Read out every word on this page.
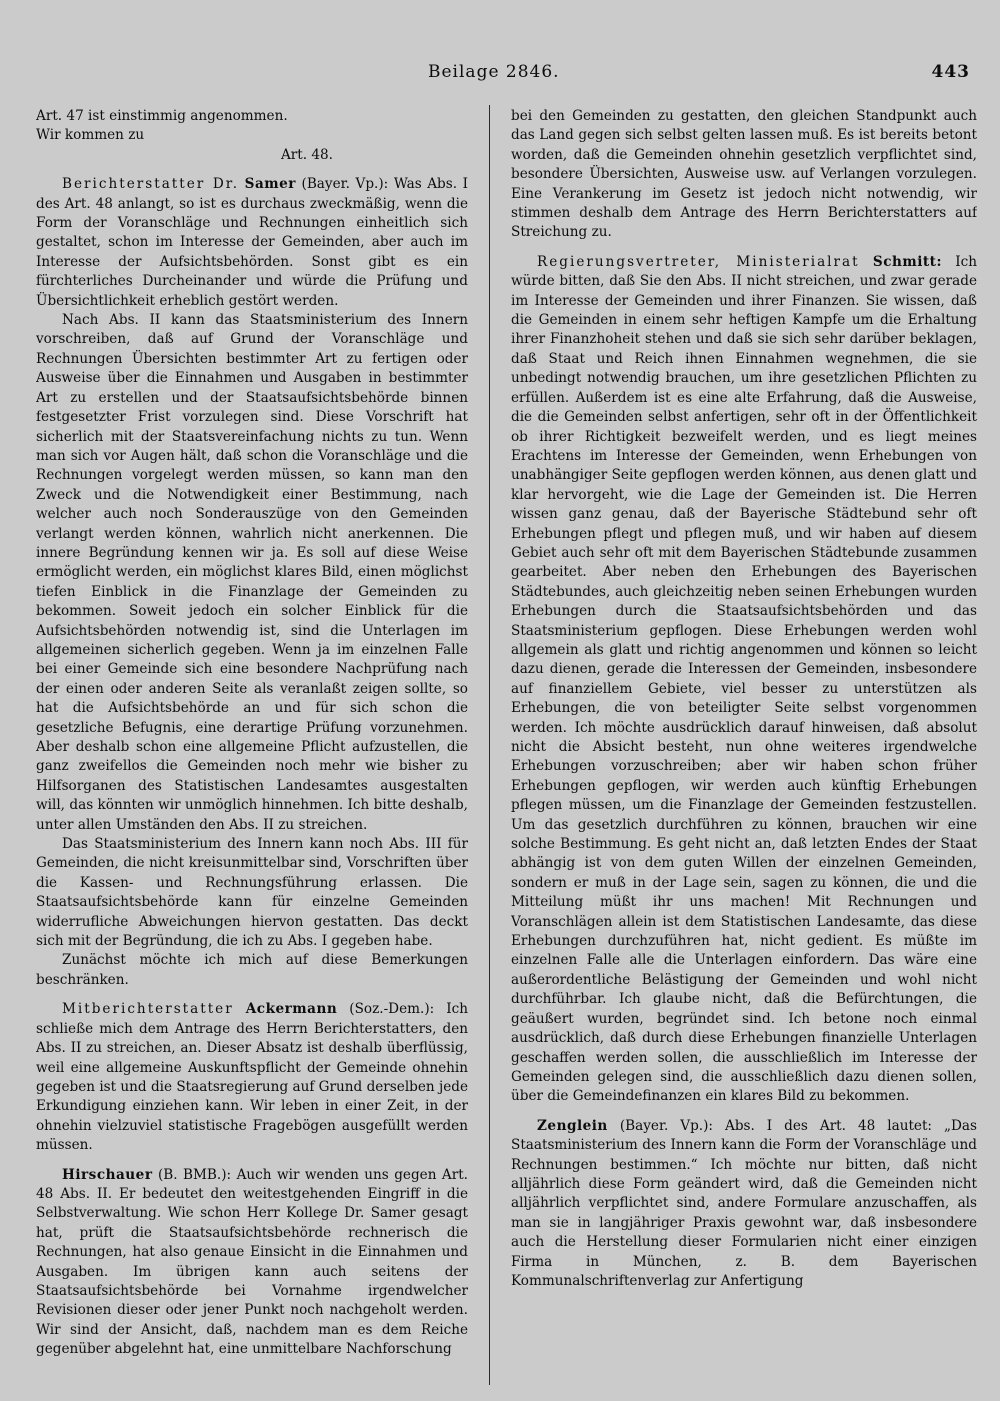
Beilage 2846.	443

Art. 47 ist einstimmig angenommen.

Wir kommen zu

Art. 48.

Berichterstatter Dr. Samer (Bayer. Vp.): Was Abs. I des Art. 48 anlangt, so ist es durchaus zweckmäßig, wenn die Form der Voranschläge und Rechnungen einheitlich sich gestaltet, schon im Interesse der Gemeinden, aber auch im Interesse der Aufsichtsbehörden. Sonst gibt es ein fürchterliches Durcheinander und würde die Prüfung und Übersichtlichkeit erheblich gestört werden.

Nach Abs. II kann das Staatsministerium des Innern vorschreiben, daß auf Grund der Voranschläge und Rechnungen Übersichten bestimmter Art zu fertigen oder Ausweise über die Einnahmen und Ausgaben in bestimmter Art zu erstellen und der Staatsaufsichtsbehörde binnen festgesetzter Frist vorzulegen sind. Diese Vorschrift hat sicherlich mit der Staatsvereinfachung nichts zu tun. Wenn man sich vor Augen hält, daß schon die Voranschläge und die Rechnungen vorgelegt werden müssen, so kann man den Zweck und die Notwendigkeit einer Bestimmung, nach welcher auch noch Sonderauszüge von den Gemeinden verlangt werden können, wahrlich nicht anerkennen. Die innere Begründung kennen wir ja. Es soll auf diese Weise ermöglicht werden, ein möglichst klares Bild, einen möglichst tiefen Einblick in die Finanzlage der Gemeinden zu bekommen. Soweit jedoch ein solcher Einblick für die Aufsichtsbehörden notwendig ist, sind die Unterlagen im allgemeinen sicherlich gegeben. Wenn ja im einzelnen Falle bei einer Gemeinde sich eine besondere Nachprüfung nach der einen oder anderen Seite als veranlaßt zeigen sollte, so hat die Aufsichtsbehörde an und für sich schon die gesetzliche Befugnis, eine derartige Prüfung vorzunehmen. Aber deshalb schon eine allgemeine Pflicht aufzustellen, die ganz zweifellos die Gemeinden noch mehr wie bisher zu Hilfsorganen des Statistischen Landesamtes ausgestalten will, das könnten wir unmöglich hinnehmen. Ich bitte deshalb, unter allen Umständen den Abs. II zu streichen.

Das Staatsministerium des Innern kann noch Abs. III für Gemeinden, die nicht kreisunmittelbar sind, Vorschriften über die Kassen- und Rechnungsführung erlassen. Die Staatsaufsichtsbehörde kann für einzelne Gemeinden widerrufliche Abweichungen hiervon gestatten. Das deckt sich mit der Begründung, die ich zu Abs. I gegeben habe.

Zunächst möchte ich mich auf diese Bemerkungen beschränken.

Mitberichterstatter Ackermann (Soz.-Dem.): Ich schließe mich dem Antrage des Herrn Berichterstatters, den Abs. II zu streichen, an. Dieser Absatz ist deshalb überflüssig, weil eine allgemeine Auskunftspflicht der Gemeinde ohnehin gegeben ist und die Staatsregierung auf Grund derselben jede Erkundigung einziehen kann. Wir leben in einer Zeit, in der ohnehin vielzuviel statistische Fragebögen ausgefüllt werden müssen.

Hirschauer (B. BMB.): Auch wir wenden uns gegen Art. 48 Abs. II. Er bedeutet den weitestgehenden Eingriff in die Selbstverwaltung. Wie schon Herr Kollege Dr. Samer gesagt hat, prüft die Staatsaufsichtsbehörde rechnerisch die Rechnungen, hat also genaue Einsicht in die Einnahmen und Ausgaben. Im übrigen kann auch seitens der Staatsaufsichtsbehörde bei Vornahme irgendwelcher Revisionen dieser oder jener Punkt noch nachgeholt werden. Wir sind der Ansicht, daß, nachdem man es dem Reiche gegenüber abgelehnt hat, eine unmittelbare Nachforschung

bei den Gemeinden zu gestatten, den gleichen Standpunkt auch das Land gegen sich selbst gelten lassen muß. Es ist bereits betont worden, daß die Gemeinden ohnehin gesetzlich verpflichtet sind, besondere Übersichten, Ausweise usw. auf Verlangen vorzulegen. Eine Verankerung im Gesetz ist jedoch nicht notwendig, wir stimmen deshalb dem Antrage des Herrn Berichterstatters auf Streichung zu.

Regierungsvertreter, Ministerialrat Schmitt: Ich würde bitten, daß Sie den Abs. II nicht streichen, und zwar gerade im Interesse der Gemeinden und ihrer Finanzen. Sie wissen, daß die Gemeinden in einem sehr heftigen Kampfe um die Erhaltung ihrer Finanzhoheit stehen und daß sie sich sehr darüber beklagen, daß Staat und Reich ihnen Einnahmen wegnehmen, die sie unbedingt notwendig brauchen, um ihre gesetzlichen Pflichten zu erfüllen. Außerdem ist es eine alte Erfahrung, daß die Ausweise, die die Gemeinden selbst anfertigen, sehr oft in der Öffentlichkeit ob ihrer Richtigkeit bezweifelt werden, und es liegt meines Erachtens im Interesse der Gemeinden, wenn Erhebungen von unabhängiger Seite gepflogen werden können, aus denen glatt und klar hervorgeht, wie die Lage der Gemeinden ist. Die Herren wissen ganz genau, daß der Bayerische Städtebund sehr oft Erhebungen pflegt und pflegen muß, und wir haben auf diesem Gebiet auch sehr oft mit dem Bayerischen Städtebunde zusammen gearbeitet. Aber neben den Erhebungen des Bayerischen Städtebundes, auch gleichzeitig neben seinen Erhebungen wurden Erhebungen durch die Staatsaufsichtsbehörden und das Staatsministerium gepflogen. Diese Erhebungen werden wohl allgemein als glatt und richtig angenommen und können so leicht dazu dienen, gerade die Interessen der Gemeinden, insbesondere auf finanziellem Gebiete, viel besser zu unterstützen als Erhebungen, die von beteiligter Seite selbst vorgenommen werden. Ich möchte ausdrücklich darauf hinweisen, daß absolut nicht die Absicht besteht, nun ohne weiteres irgendwelche Erhebungen vorzuschreiben; aber wir haben schon früher Erhebungen gepflogen, wir werden auch künftig Erhebungen pflegen müssen, um die Finanzlage der Gemeinden festzustellen. Um das gesetzlich durchführen zu können, brauchen wir eine solche Bestimmung. Es geht nicht an, daß letzten Endes der Staat abhängig ist von dem guten Willen der einzelnen Gemeinden, sondern er muß in der Lage sein, sagen zu können, die und die Mitteilung müßt ihr uns machen! Mit Rechnungen und Voranschlägen allein ist dem Statistischen Landesamte, das diese Erhebungen durchzuführen hat, nicht gedient. Es müßte im einzelnen Falle alle die Unterlagen einfordern. Das wäre eine außerordentliche Belästigung der Gemeinden und wohl nicht durchführbar. Ich glaube nicht, daß die Befürchtungen, die geäußert wurden, begründet sind. Ich betone noch einmal ausdrücklich, daß durch diese Erhebungen finanzielle Unterlagen geschaffen werden sollen, die ausschließlich im Interesse der Gemeinden gelegen sind, die ausschließlich dazu dienen sollen, über die Gemeindefinanzen ein klares Bild zu bekommen.

Zenglein (Bayer. Vp.): Abs. I des Art. 48 lautet: „Das Staatsministerium des Innern kann die Form der Voranschläge und Rechnungen bestimmen.“ Ich möchte nur bitten, daß nicht alljährlich diese Form geändert wird, daß die Gemeinden nicht alljährlich verpflichtet sind, andere Formulare anzuschaffen, als man sie in langjähriger Praxis gewohnt war, daß insbesondere auch die Herstellung dieser Formularien nicht einer einzigen Firma in München, z. B. dem Bayerischen Kommunalschriftenverlag zur Anfertigung
